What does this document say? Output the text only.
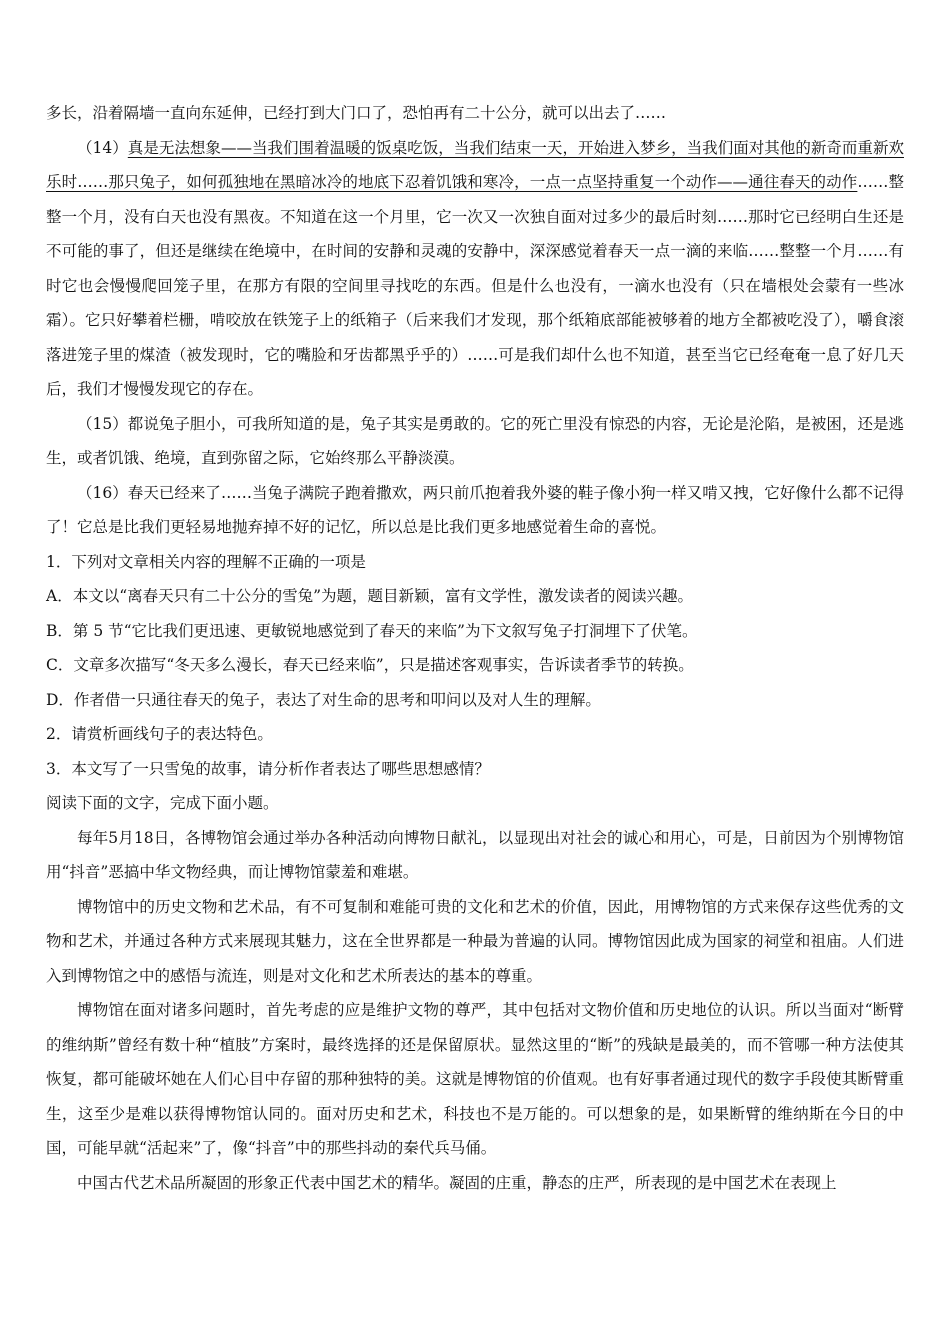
多长，沿着隔墙一直向东延伸，已经打到大门口了，恐怕再有二十公分，就可以出去了……

（14）真是无法想象——当我们围着温暖的饭桌吃饭，当我们结束一天，开始进入梦乡，当我们面对其他的新奇而重新欢乐时……那只兔子，如何孤独地在黑暗冰冷的地底下忍着饥饿和寒冷，一点一点坚持重复一个动作——通往春天的动作……整整一个月，没有白天也没有黑夜。不知道在这一个月里，它一次又一次独自面对过多少的最后时刻……那时它已经明白生还是不可能的事了，但还是继续在绝境中，在时间的安静和灵魂的安静中，深深感觉着春天一点一滴的来临……整整一个月……有时它也会慢慢爬回笼子里，在那方有限的空间里寻找吃的东西。但是什么也没有，一滴水也没有（只在墙根处会蒙有一些冰霜）。它只好攀着栏栅，啃咬放在铁笼子上的纸箱子（后来我们才发现，那个纸箱底部能被够着的地方全都被吃没了），嚼食滚落进笼子里的煤渣（被发现时，它的嘴脸和牙齿都黑乎乎的）……可是我们却什么也不知道，甚至当它已经奄奄一息了好几天后，我们才慢慢发现它的存在。

（15）都说兔子胆小，可我所知道的是，兔子其实是勇敢的。它的死亡里没有惊恐的内容，无论是沦陷，是被困，还是逃生，或者饥饿、绝境，直到弥留之际，它始终那么平静淡漠。

（16）春天已经来了……当兔子满院子跑着撒欢，两只前爪抱着我外婆的鞋子像小狗一样又啃又拽，它好像什么都不记得了！它总是比我们更轻易地抛弃掉不好的记忆，所以总是比我们更多地感觉着生命的喜悦。

1．下列对文章相关内容的理解不正确的一项是

A．本文以“离春天只有二十公分的雪兔”为题，题目新颖，富有文学性，激发读者的阅读兴趣。

B．第 5 节“它比我们更迅速、更敏锐地感觉到了春天的来临”为下文叙写兔子打洞埋下了伏笔。

C．文章多次描写“冬天多么漫长，春天已经来临”，只是描述客观事实，告诉读者季节的转换。

D．作者借一只通往春天的兔子，表达了对生命的思考和叩问以及对人生的理解。

2．请赏析画线句子的表达特色。

3．本文写了一只雪兔的故事，请分析作者表达了哪些思想感情？

阅读下面的文字，完成下面小题。

每年5月18日，各博物馆会通过举办各种活动向博物日献礼，以显现出对社会的诚心和用心，可是，日前因为个别博物馆用“抖音”恶搞中华文物经典，而让博物馆蒙羞和难堪。

博物馆中的历史文物和艺术品，有不可复制和难能可贵的文化和艺术的价值，因此，用博物馆的方式来保存这些优秀的文物和艺术，并通过各种方式来展现其魅力，这在全世界都是一种最为普遍的认同。博物馆因此成为国家的祠堂和祖庙。人们进入到博物馆之中的感悟与流连，则是对文化和艺术所表达的基本的尊重。

博物馆在面对诸多问题时，首先考虑的应是维护文物的尊严，其中包括对文物价值和历史地位的认识。所以当面对“断臂的维纳斯”曾经有数十种“植肢”方案时，最终选择的还是保留原状。显然这里的“断”的残缺是最美的，而不管哪一种方法使其恢复，都可能破坏她在人们心目中存留的那种独特的美。这就是博物馆的价值观。也有好事者通过现代的数字手段使其断臂重生，这至少是难以获得博物馆认同的。面对历史和艺术，科技也不是万能的。可以想象的是，如果断臂的维纳斯在今日的中国，可能早就“活起来”了，像“抖音”中的那些抖动的秦代兵马俑。

中国古代艺术品所凝固的形象正代表中国艺术的精华。凝固的庄重，静态的庄严，所表现的是中国艺术在表现上
